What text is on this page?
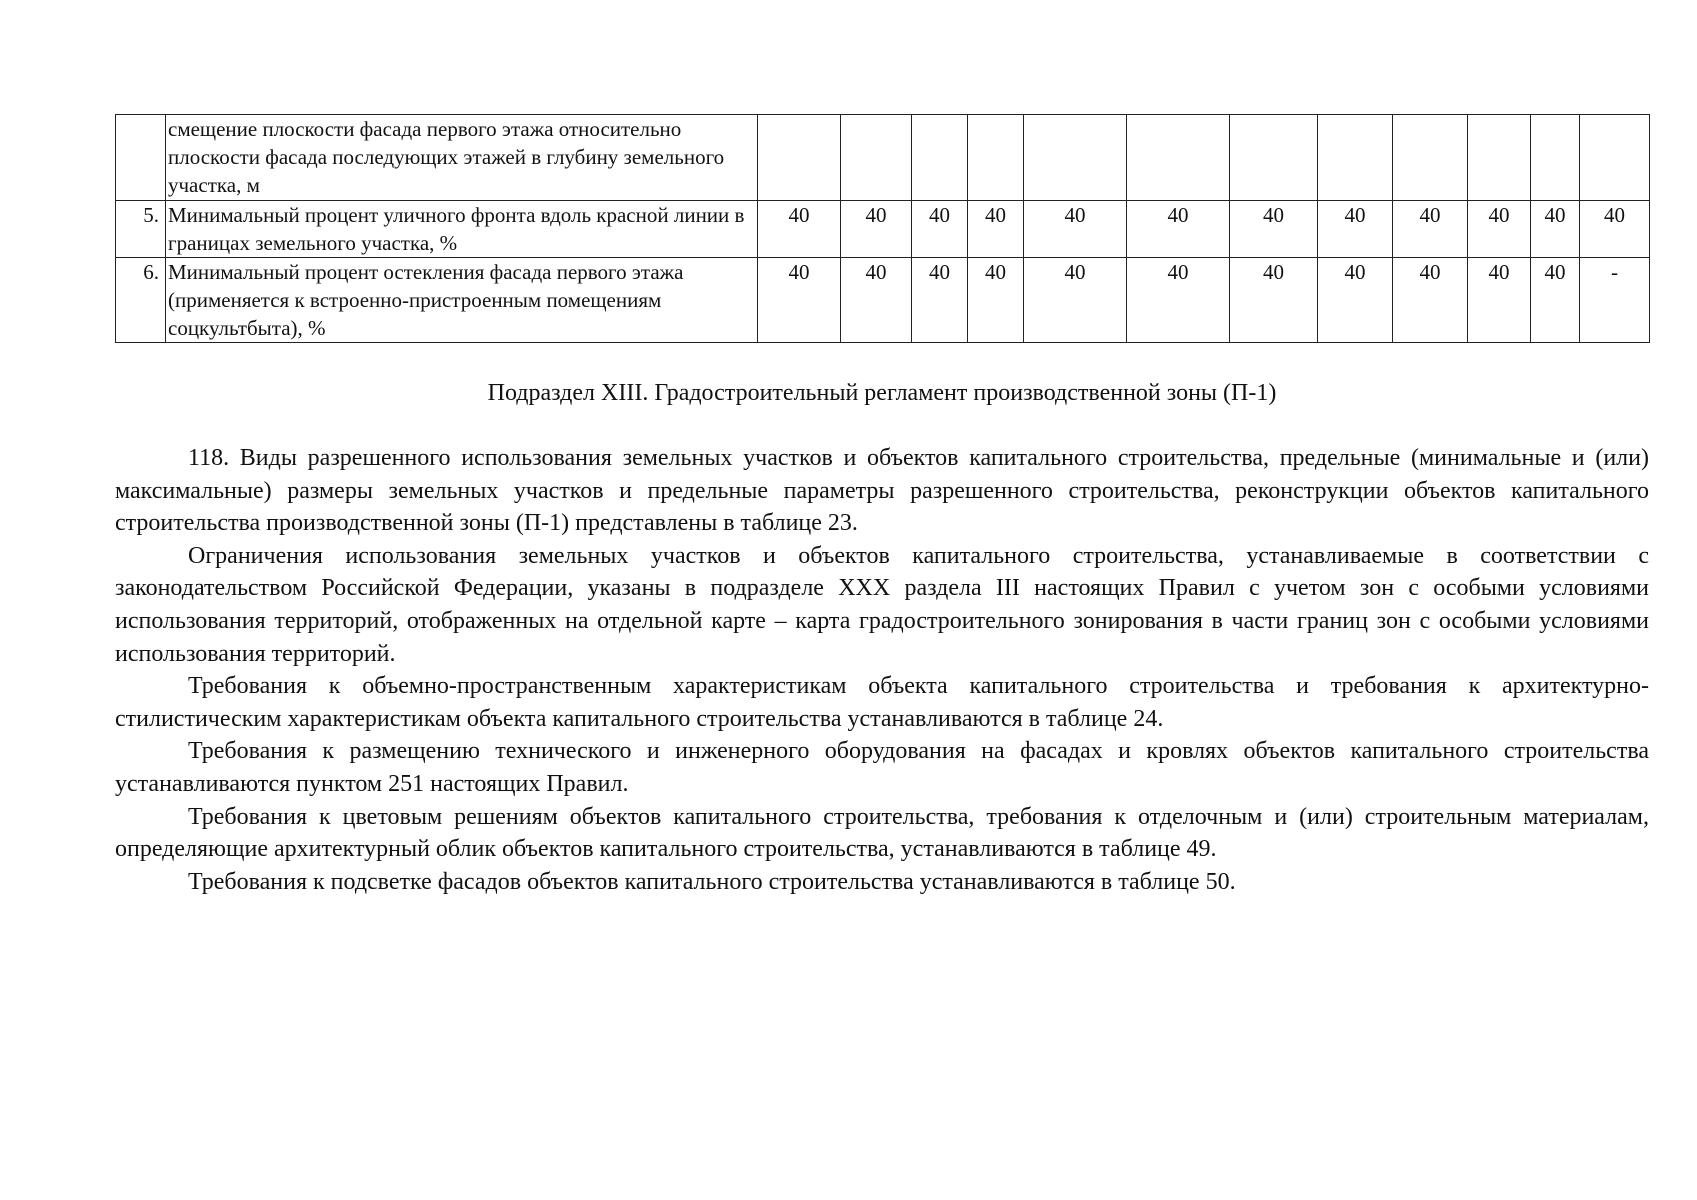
	смещение плоскости фасада первого этажа относительно плоскости фасада последующих этажей в глубину земельного участка, м												
5.	Минимальный процент уличного фронта вдоль красной линии в границах земельного участка, %	40	40	40	40	40	40	40	40	40	40	40	40
6.	Минимальный процент остекления фасада первого этажа (применяется к встроенно-пристроенным помещениям соцкультбыта), %	40	40	40	40	40	40	40	40	40	40	40	-
Подраздел XIII. Градостроительный регламент производственной зоны (П-1)

118. Виды разрешенного использования земельных участков и объектов капитального строительства, предельные (минимальные и (или) максимальные) размеры земельных участков и предельные параметры разрешенного строительства, реконструкции объектов капитального строительства производственной зоны (П-1) представлены в таблице 23.

Ограничения использования земельных участков и объектов капитального строительства, устанавливаемые в соответствии с законодательством Российской Федерации, указаны в подразделе XXX раздела III настоящих Правил с учетом зон с особыми условиями использования территорий, отображенных на отдельной карте – карта градостроительного зонирования в части границ зон с особыми условиями использования территорий.

Требования к объемно-пространственным характеристикам объекта капитального строительства и требования к архитектурно-стилистическим характеристикам объекта капитального строительства устанавливаются в таблице 24.

Требования к размещению технического и инженерного оборудования на фасадах и кровлях объектов капитального строительства устанавливаются пунктом 251 настоящих Правил.

Требования к цветовым решениям объектов капитального строительства, требования к отделочным и (или) строительным материалам, определяющие архитектурный облик объектов капитального строительства, устанавливаются в таблице 49.

Требования к подсветке фасадов объектов капитального строительства устанавливаются в таблице 50.
